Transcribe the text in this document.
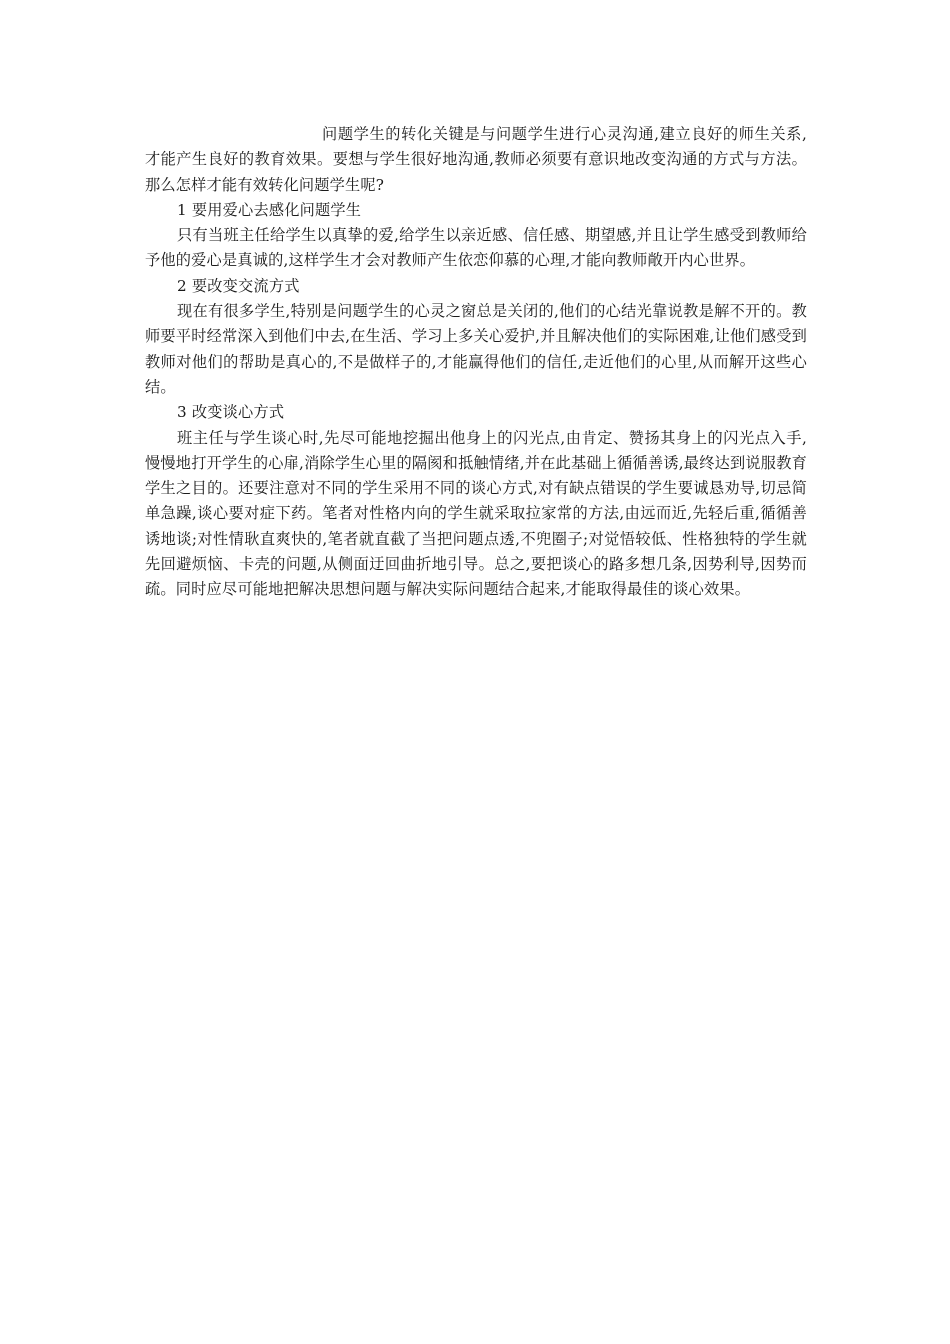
问题学生的转化关键是与问题学生进行心灵沟通,建立良好的师生关系,才能产生良好的教育效果。要想与学生很好地沟通,教师必须要有意识地改变沟通的方式与方法。那么怎样才能有效转化问题学生呢?

1 要用爱心去感化问题学生

只有当班主任给学生以真挚的爱,给学生以亲近感、信任感、期望感,并且让学生感受到教师给予他的爱心是真诚的,这样学生才会对教师产生依恋仰慕的心理,才能向教师敞开内心世界。

2 要改变交流方式

现在有很多学生,特别是问题学生的心灵之窗总是关闭的,他们的心结光靠说教是解不开的。教师要平时经常深入到他们中去,在生活、学习上多关心爱护,并且解决他们的实际困难,让他们感受到教师对他们的帮助是真心的,不是做样子的,才能赢得他们的信任,走近他们的心里,从而解开这些心结。

3 改变谈心方式

班主任与学生谈心时,先尽可能地挖掘出他身上的闪光点,由肯定、赞扬其身上的闪光点入手,慢慢地打开学生的心扉,消除学生心里的隔阂和抵触情绪,并在此基础上循循善诱,最终达到说服教育学生之目的。还要注意对不同的学生采用不同的谈心方式,对有缺点错误的学生要诚恳劝导,切忌简单急躁,谈心要对症下药。笔者对性格内向的学生就采取拉家常的方法,由远而近,先轻后重,循循善诱地谈;对性情耿直爽快的,笔者就直截了当把问题点透,不兜圈子;对觉悟较低、性格独特的学生就先回避烦恼、卡壳的问题,从侧面迂回曲折地引导。总之,要把谈心的路多想几条,因势利导,因势而疏。同时应尽可能地把解决思想问题与解决实际问题结合起来,才能取得最佳的谈心效果。
